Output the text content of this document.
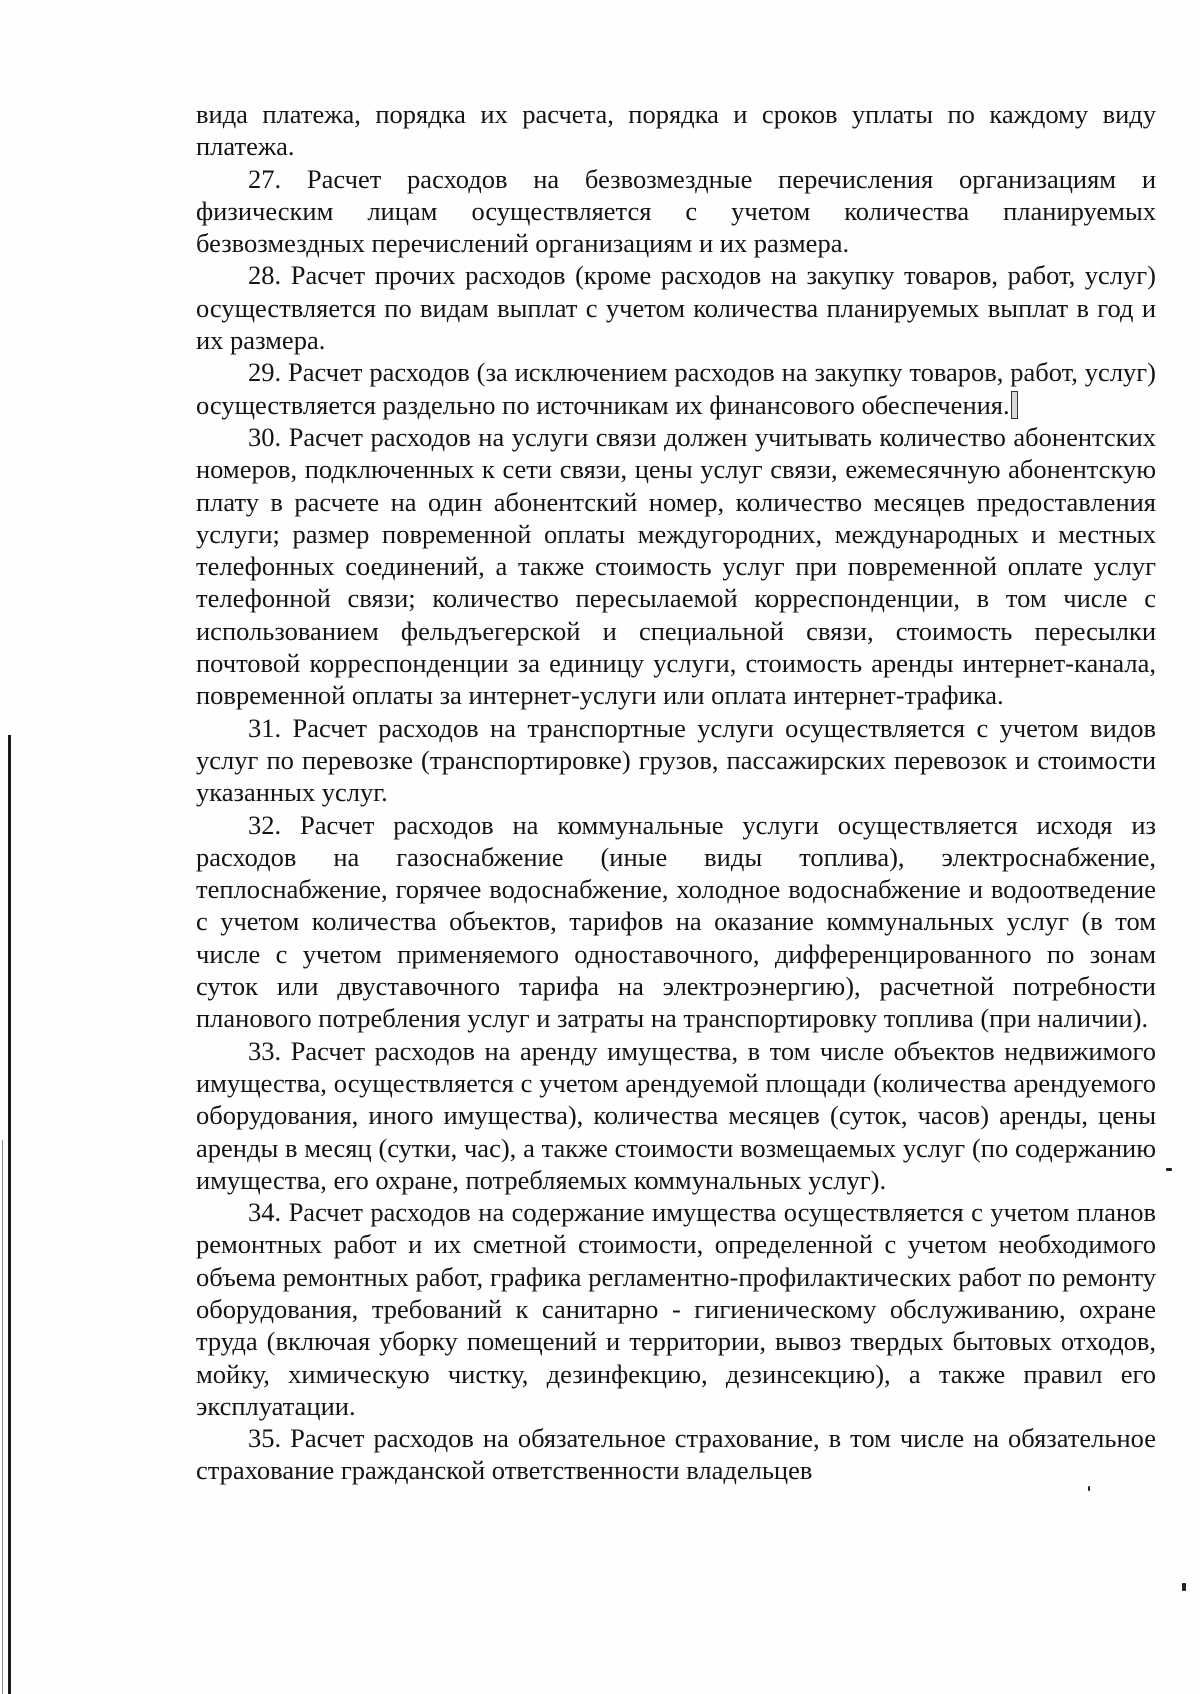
вида платежа, порядка их расчета, порядка и сроков уплаты по каждому виду платежа.

27. Расчет расходов на безвозмездные перечисления организациям и физическим лицам осуществляется с учетом количества планируемых безвозмездных перечислений организациям и их размера.

28. Расчет прочих расходов (кроме расходов на закупку товаров, работ, услуг) осуществляется по видам выплат с учетом количества планируемых выплат в год и их размера.

29. Расчет расходов (за исключением расходов на закупку товаров, работ, услуг) осуществляется раздельно по источникам их финансового обеспечения.

30. Расчет расходов на услуги связи должен учитывать количество абонентских номеров, подключенных к сети связи, цены услуг связи, ежемесячную абонентскую плату в расчете на один абонентский номер, количество месяцев предоставления услуги; размер повременной оплаты междугородних, международных и местных телефонных соединений, а также стоимость услуг при повременной оплате услуг телефонной связи; количество пересылаемой корреспонденции, в том числе с использованием фельдъегерской и специальной связи, стоимость пересылки почтовой корреспонденции за единицу услуги, стоимость аренды интернет-канала, повременной оплаты за интернет-услуги или оплата интернет-трафика.

31. Расчет расходов на транспортные услуги осуществляется с учетом видов услуг по перевозке (транспортировке) грузов, пассажирских перевозок и стоимости указанных услуг.

32. Расчет расходов на коммунальные услуги осуществляется исходя из расходов на газоснабжение (иные виды топлива), электроснабжение, теплоснабжение, горячее водоснабжение, холодное водоснабжение и водоотведение с учетом количества объектов, тарифов на оказание коммунальных услуг (в том числе с учетом применяемого одноставочного, дифференцированного по зонам суток или двуставочного тарифа на электроэнергию), расчетной потребности планового потребления услуг и затраты на транспортировку топлива (при наличии).

33. Расчет расходов на аренду имущества, в том числе объектов недвижимого имущества, осуществляется с учетом арендуемой площади (количества арендуемого оборудования, иного имущества), количества месяцев (суток, часов) аренды, цены аренды в месяц (сутки, час), а также стоимости возмещаемых услуг (по содержанию имущества, его охране, потребляемых коммунальных услуг).

34. Расчет расходов на содержание имущества осуществляется с учетом планов ремонтных работ и их сметной стоимости, определенной с учетом необходимого объема ремонтных работ, графика регламентно-профилактических работ по ремонту оборудования, требований к санитарно - гигиеническому обслуживанию, охране труда (включая уборку помещений и территории, вывоз твердых бытовых отходов, мойку, химическую чистку, дезинфекцию, дезинсекцию), а также правил его эксплуатации.

35. Расчет расходов на обязательное страхование, в том числе на обязательное страхование гражданской ответственности владельцев
